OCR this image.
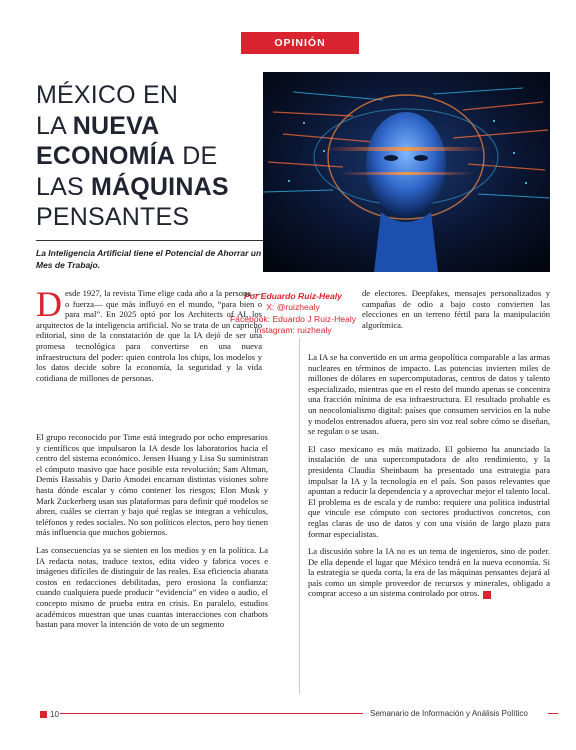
OPINIÓN
MÉXICO EN
LA NUEVA
ECONOMÍA DE
LAS MÁQUINAS
PENSANTES
La Inteligencia Artificial tiene el Potencial de Ahorrar un Mes de Trabajo.
Por Eduardo Ruiz-Healy
X: @ruizhealy
Facebook: Eduardo J Ruiz-Healy
Instagram: ruizhealy

Desde 1927, la revista Time elige cada año a la persona —o fuerza— que más influyó en el mundo, “para bien o para mal”. En 2025 optó por los Architects of AI, los arquitectos de la inteligencia artificial. No se trata de un capricho editorial, sino de la constatación de que la IA dejó de ser una promesa tecnológica para convertirse en una nueva infraestructura del poder: quien controla los chips, los modelos y los datos decide sobre la economía, la seguridad y la vida cotidiana de millones de personas.

El grupo reconocido por Time está integrado por ocho empresarios y científicos que impulsaron la IA desde los laboratorios hacia el centro del sistema económico. Jensen Huang y Lisa Su suministran el cómputo masivo que hace posible esta revolución; Sam Altman, Demis Hassabis y Dario Amodei encarnan distintas visiones sobre hasta dónde escalar y cómo contener los riesgos; Elon Musk y Mark Zuckerberg usan sus plataformas para definir qué modelos se abren, cuáles se cierran y bajo qué reglas se integran a vehículos, teléfonos y redes sociales. No son políticos electos, pero hoy tienen más influencia que muchos gobiernos.

Las consecuencias ya se sienten en los medios y en la política. La IA redacta notas, traduce textos, edita video y fabrica voces e imágenes difíciles de distinguir de las reales. Esa eficiencia abarata costos en redacciones debilitadas, pero erosiona la confianza: cuando cualquiera puede producir “evidencia” en video o audio, el concepto mismo de prueba entra en crisis. En paralelo, estudios académicos muestran que unas cuantas interacciones con chatbots bastan para mover la intención de voto de un segmento

de electores. Deepfakes, mensajes personalizados y campañas de odio a bajo costo convierten las elecciones en un terreno fértil para la manipulación algorítmica.

La IA se ha convertido en un arma geopolítica comparable a las armas nucleares en términos de impacto. Las potencias invierten miles de millones de dólares en supercomputadoras, centros de datos y talento especializado, mientras que en el resto del mundo apenas se concentra una fracción mínima de esa infraestructura. El resultado probable es un neocolonialismo digital: países que consumen servicios en la nube y modelos entrenados afuera, pero sin voz real sobre cómo se diseñan, se regulan o se usan.

El caso mexicano es más matizado. El gobierno ha anunciado la instalación de una supercomputadora de alto rendimiento, y la presidenta Claudia Sheinbaum ha presentado una estrategia para impulsar la IA y la tecnología en el país. Son pasos relevantes que apuntan a reducir la dependencia y a aprovechar mejor el talento local. El problema es de escala y de rumbo: requiere una política industrial que vincule ese cómputo con sectores productivos concretos, con reglas claras de uso de datos y con una visión de largo plazo para formar especialistas.

La discusión sobre la IA no es un tema de ingenieros, sino de poder. De ella depende el lugar que México tendrá en la nueva economía. Si la estrategia se queda corta, la era de las máquinas pensantes dejará al país como un simple proveedor de recursos y minerales, obligado a comprar acceso a un sistema controlado por otros.

10	Semanario de Información y Análisis Político
